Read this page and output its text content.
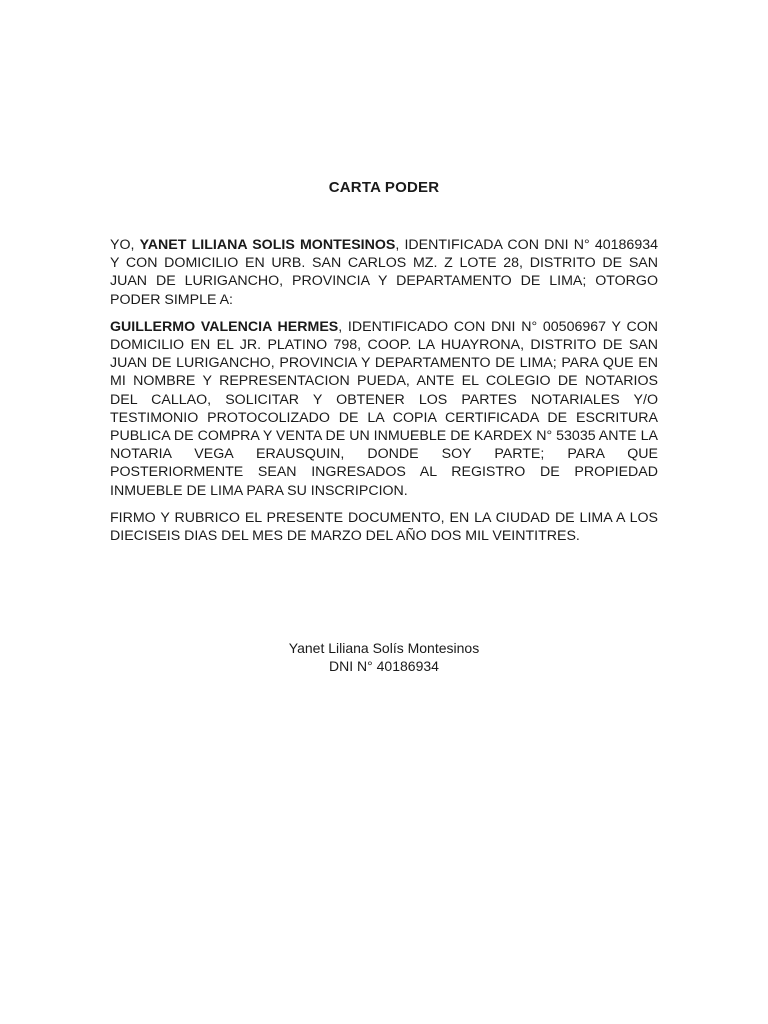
CARTA PODER

YO, YANET LILIANA SOLIS MONTESINOS, IDENTIFICADA CON DNI N° 40186934 Y CON DOMICILIO EN URB. SAN CARLOS MZ. Z LOTE 28, DISTRITO DE SAN JUAN DE LURIGANCHO, PROVINCIA Y DEPARTAMENTO DE LIMA; OTORGO PODER SIMPLE A:

GUILLERMO VALENCIA HERMES, IDENTIFICADO CON DNI N° 00506967 Y CON DOMICILIO EN EL JR. PLATINO 798, COOP. LA HUAYRONA, DISTRITO DE SAN JUAN DE LURIGANCHO, PROVINCIA Y DEPARTAMENTO DE LIMA; PARA QUE EN MI NOMBRE Y REPRESENTACION PUEDA, ANTE EL COLEGIO DE NOTARIOS DEL CALLAO, SOLICITAR Y OBTENER LOS PARTES NOTARIALES Y/O TESTIMONIO PROTOCOLIZADO DE LA COPIA CERTIFICADA DE ESCRITURA PUBLICA DE COMPRA Y VENTA DE UN INMUEBLE DE KARDEX N° 53035 ANTE LA NOTARIA VEGA ERAUSQUIN, DONDE SOY PARTE; PARA QUE POSTERIORMENTE SEAN INGRESADOS AL REGISTRO DE PROPIEDAD INMUEBLE DE LIMA PARA SU INSCRIPCION.

FIRMO Y RUBRICO EL PRESENTE DOCUMENTO, EN LA CIUDAD DE LIMA A LOS DIECISEIS DIAS DEL MES DE MARZO DEL AÑO DOS MIL VEINTITRES.

Yanet Liliana Solís Montesinos
DNI N° 40186934
